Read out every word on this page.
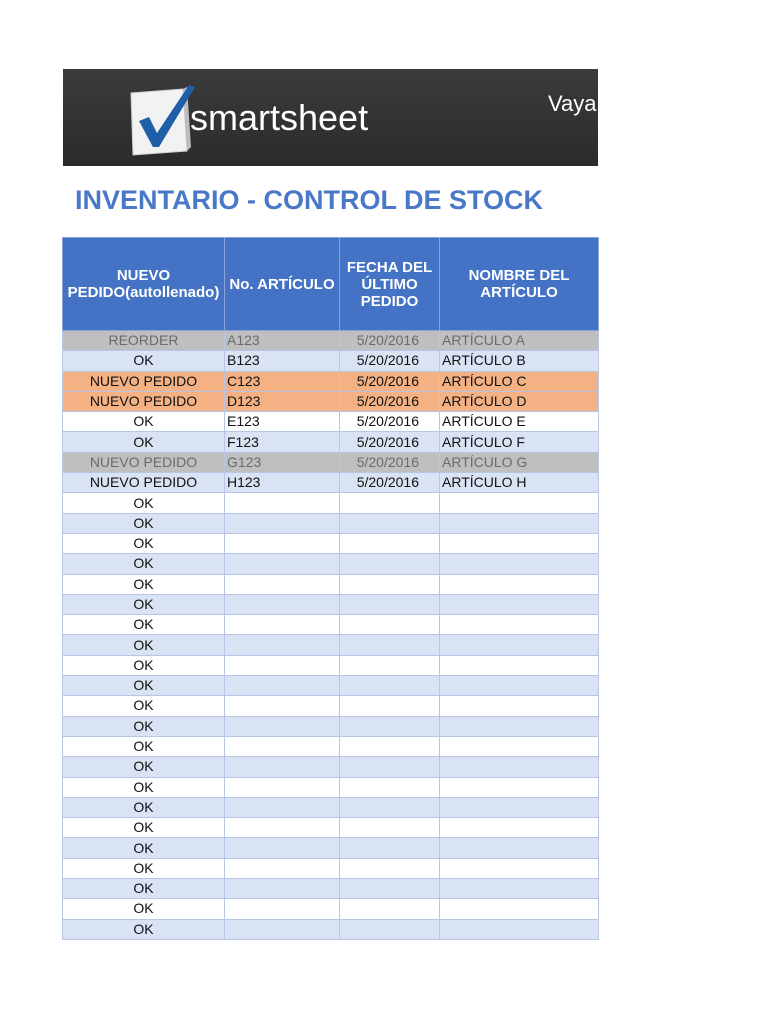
smartsheet	Vaya
INVENTARIO - CONTROL DE STOCK
NUEVO PEDIDO(autollenado)	No. ARTÍCULO	FECHA DEL ÚLTIMO PEDIDO	NOMBRE DEL ARTÍCULO
REORDER	A123	5/20/2016	ARTÍCULO A
OK	B123	5/20/2016	ARTÍCULO B
NUEVO PEDIDO	C123	5/20/2016	ARTÍCULO C
NUEVO PEDIDO	D123	5/20/2016	ARTÍCULO D
OK	E123	5/20/2016	ARTÍCULO E
OK	F123	5/20/2016	ARTÍCULO F
NUEVO PEDIDO	G123	5/20/2016	ARTÍCULO G
NUEVO PEDIDO	H123	5/20/2016	ARTÍCULO H
OK			
OK			
OK			
OK			
OK			
OK			
OK			
OK			
OK			
OK			
OK			
OK			
OK			
OK			
OK			
OK			
OK			
OK			
OK			
OK			
OK			
OK			
